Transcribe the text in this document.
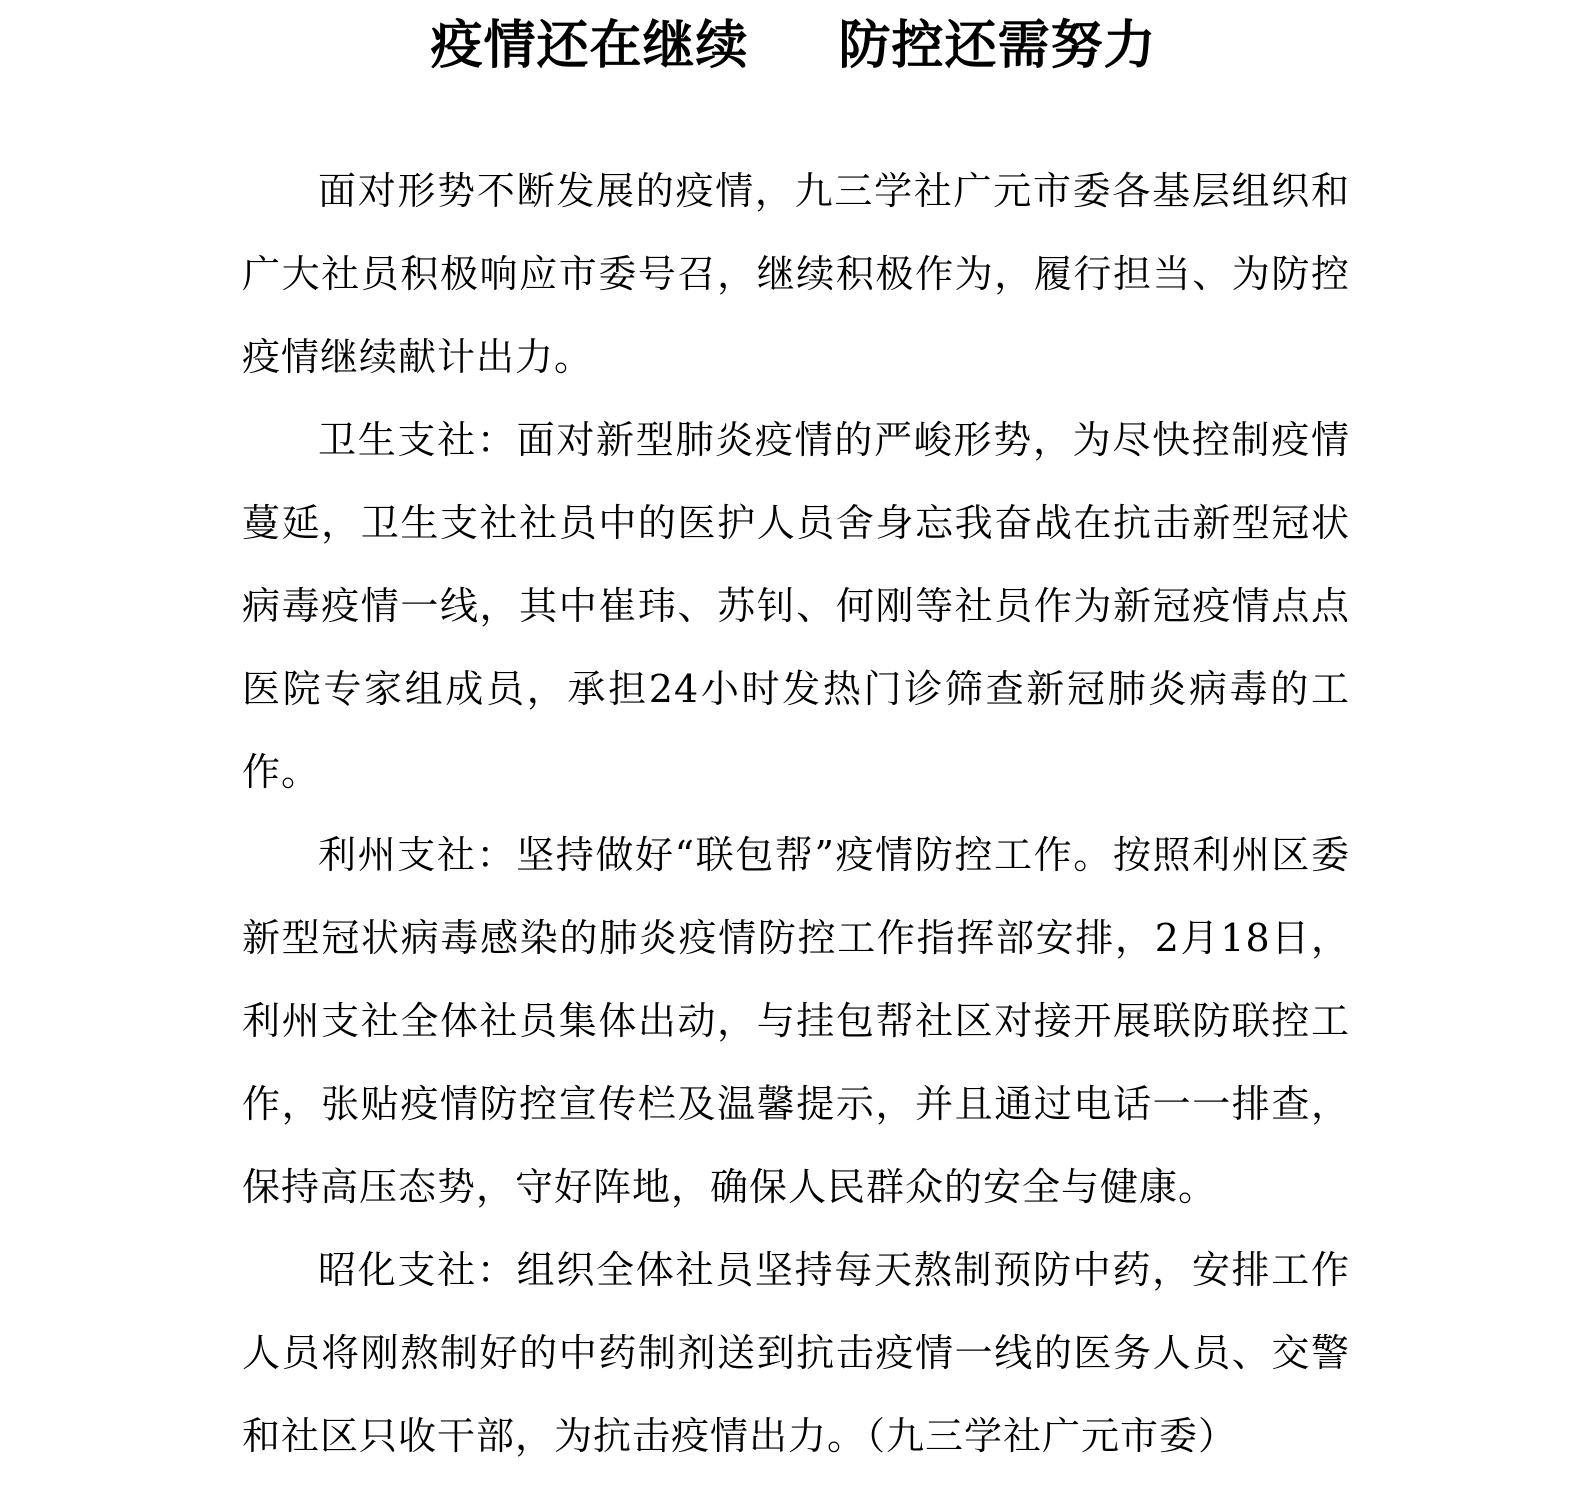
疫情还在继续 防控还需努力

面对形势不断发展的疫情，九三学社广元市委各基层组织和广大社员积极响应市委号召，继续积极作为，履行担当、为防控疫情继续献计出力。

卫生支社：面对新型肺炎疫情的严峻形势，为尽快控制疫情蔓延，卫生支社社员中的医护人员舍身忘我奋战在抗击新型冠状病毒疫情一线，其中崔玮、苏钊、何刚等社员作为新冠疫情点点医院专家组成员，承担24小时发热门诊筛查新冠肺炎病毒的工作。

利州支社：坚持做好“联包帮”疫情防控工作。按照利州区委新型冠状病毒感染的肺炎疫情防控工作指挥部安排，2月18日，利州支社全体社员集体出动，与挂包帮社区对接开展联防联控工作，张贴疫情防控宣传栏及温馨提示，并且通过电话一一排查，保持高压态势，守好阵地，确保人民群众的安全与健康。

昭化支社：组织全体社员坚持每天熬制预防中药，安排工作人员将刚熬制好的中药制剂送到抗击疫情一线的医务人员、交警和社区只收干部，为抗击疫情出力。（九三学社广元市委）
